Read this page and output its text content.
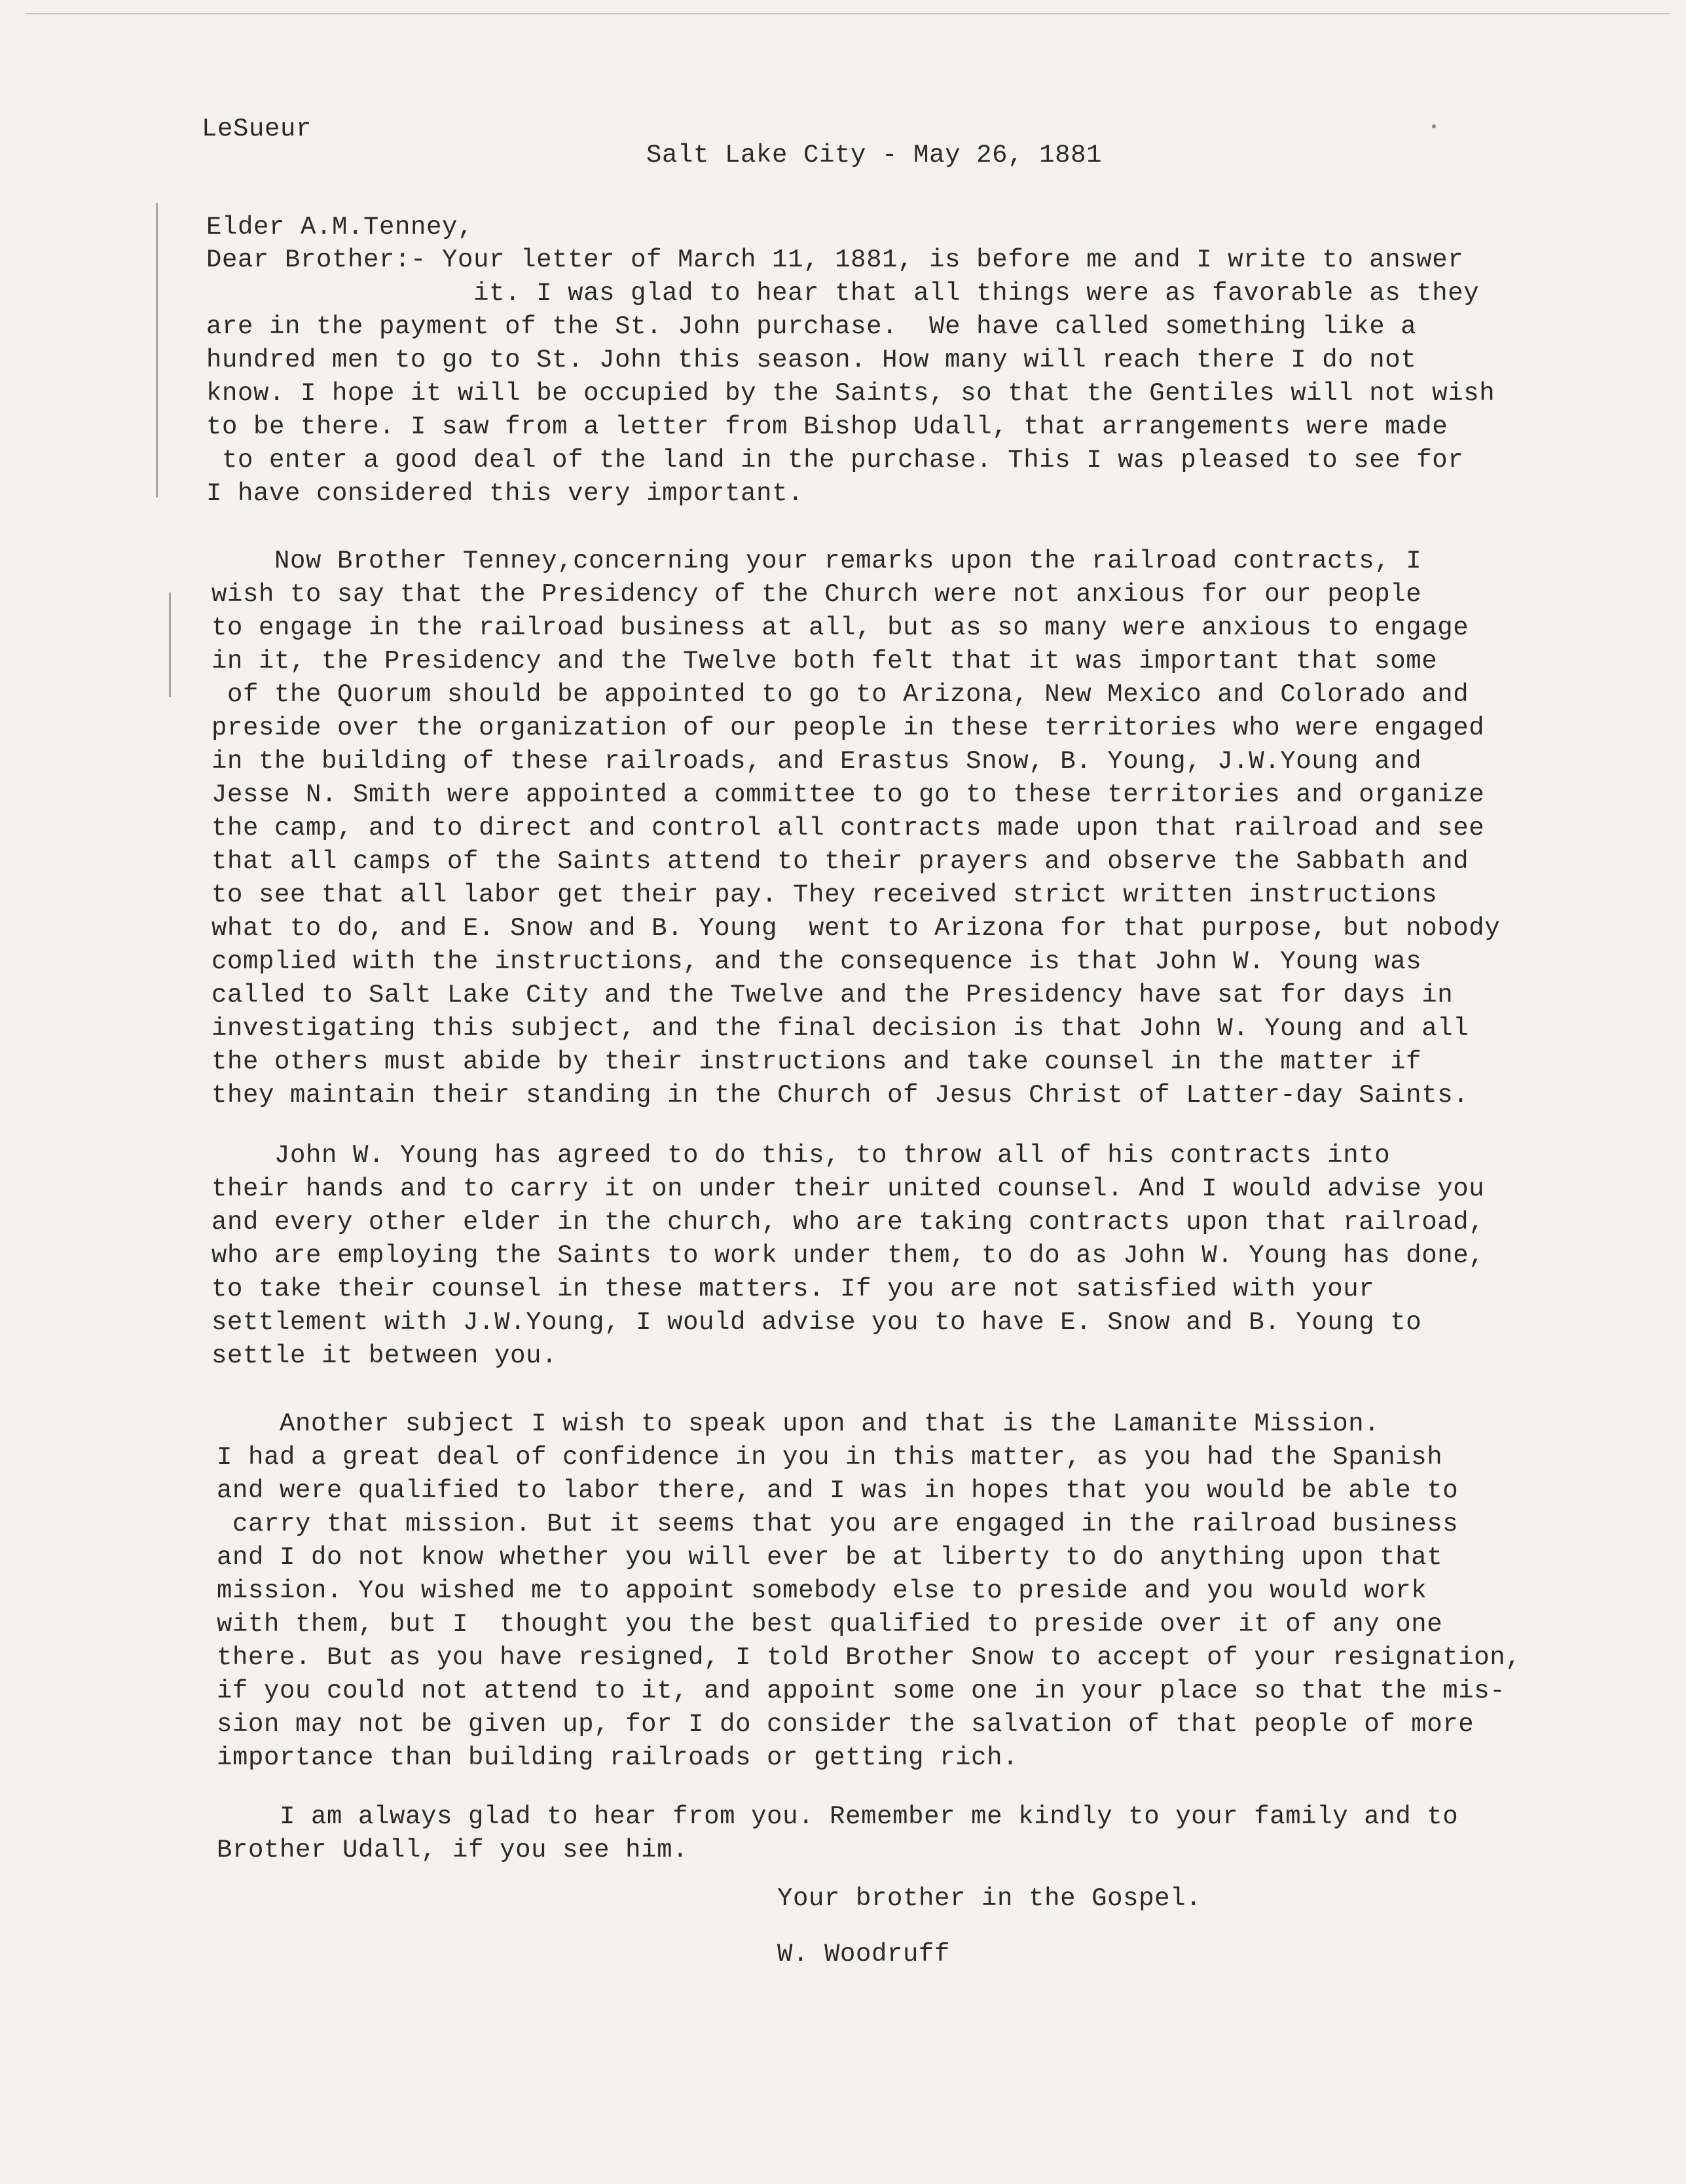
LeSueur
Salt Lake City - May 26, 1881
Elder A.M.Tenney,
Dear Brother:- Your letter of March 11, 1881, is before me and I write to answer
it. I was glad to hear that all things were as favorable as they
are in the payment of the St. John purchase.  We have called something like a
hundred men to go to St. John this season. How many will reach there I do not
know. I hope it will be occupied by the Saints, so that the Gentiles will not wish
to be there. I saw from a letter from Bishop Udall, that arrangements were made
to enter a good deal of the land in the purchase. This I was pleased to see for
I have considered this very important.
Now Brother Tenney,concerning your remarks upon the railroad contracts, I
wish to say that the Presidency of the Church were not anxious for our people
to engage in the railroad business at all, but as so many were anxious to engage
in it, the Presidency and the Twelve both felt that it was important that some
of the Quorum should be appointed to go to Arizona, New Mexico and Colorado and
preside over the organization of our people in these territories who were engaged
in the building of these railroads, and Erastus Snow, B. Young, J.W.Young and
Jesse N. Smith were appointed a committee to go to these territories and organize
the camp, and to direct and control all contracts made upon that railroad and see
that all camps of the Saints attend to their prayers and observe the Sabbath and
to see that all labor get their pay. They received strict written instructions
what to do, and E. Snow and B. Young  went to Arizona for that purpose, but nobody
complied with the instructions, and the consequence is that John W. Young was
called to Salt Lake City and the Twelve and the Presidency have sat for days in
investigating this subject, and the final decision is that John W. Young and all
the others must abide by their instructions and take counsel in the matter if
they maintain their standing in the Church of Jesus Christ of Latter-day Saints.
John W. Young has agreed to do this, to throw all of his contracts into
their hands and to carry it on under their united counsel. And I would advise you
and every other elder in the church, who are taking contracts upon that railroad,
who are employing the Saints to work under them, to do as John W. Young has done,
to take their counsel in these matters. If you are not satisfied with your
settlement with J.W.Young, I would advise you to have E. Snow and B. Young to
settle it between you.
Another subject I wish to speak upon and that is the Lamanite Mission.
I had a great deal of confidence in you in this matter, as you had the Spanish
and were qualified to labor there, and I was in hopes that you would be able to
carry that mission. But it seems that you are engaged in the railroad business
and I do not know whether you will ever be at liberty to do anything upon that
mission. You wished me to appoint somebody else to preside and you would work
with them, but I  thought you the best qualified to preside over it of any one
there. But as you have resigned, I told Brother Snow to accept of your resignation,
if you could not attend to it, and appoint some one in your place so that the mis-
sion may not be given up, for I do consider the salvation of that people of more
importance than building railroads or getting rich.
I am always glad to hear from you. Remember me kindly to your family and to
Brother Udall, if you see him.
Your brother in the Gospel.
W. Woodruff
